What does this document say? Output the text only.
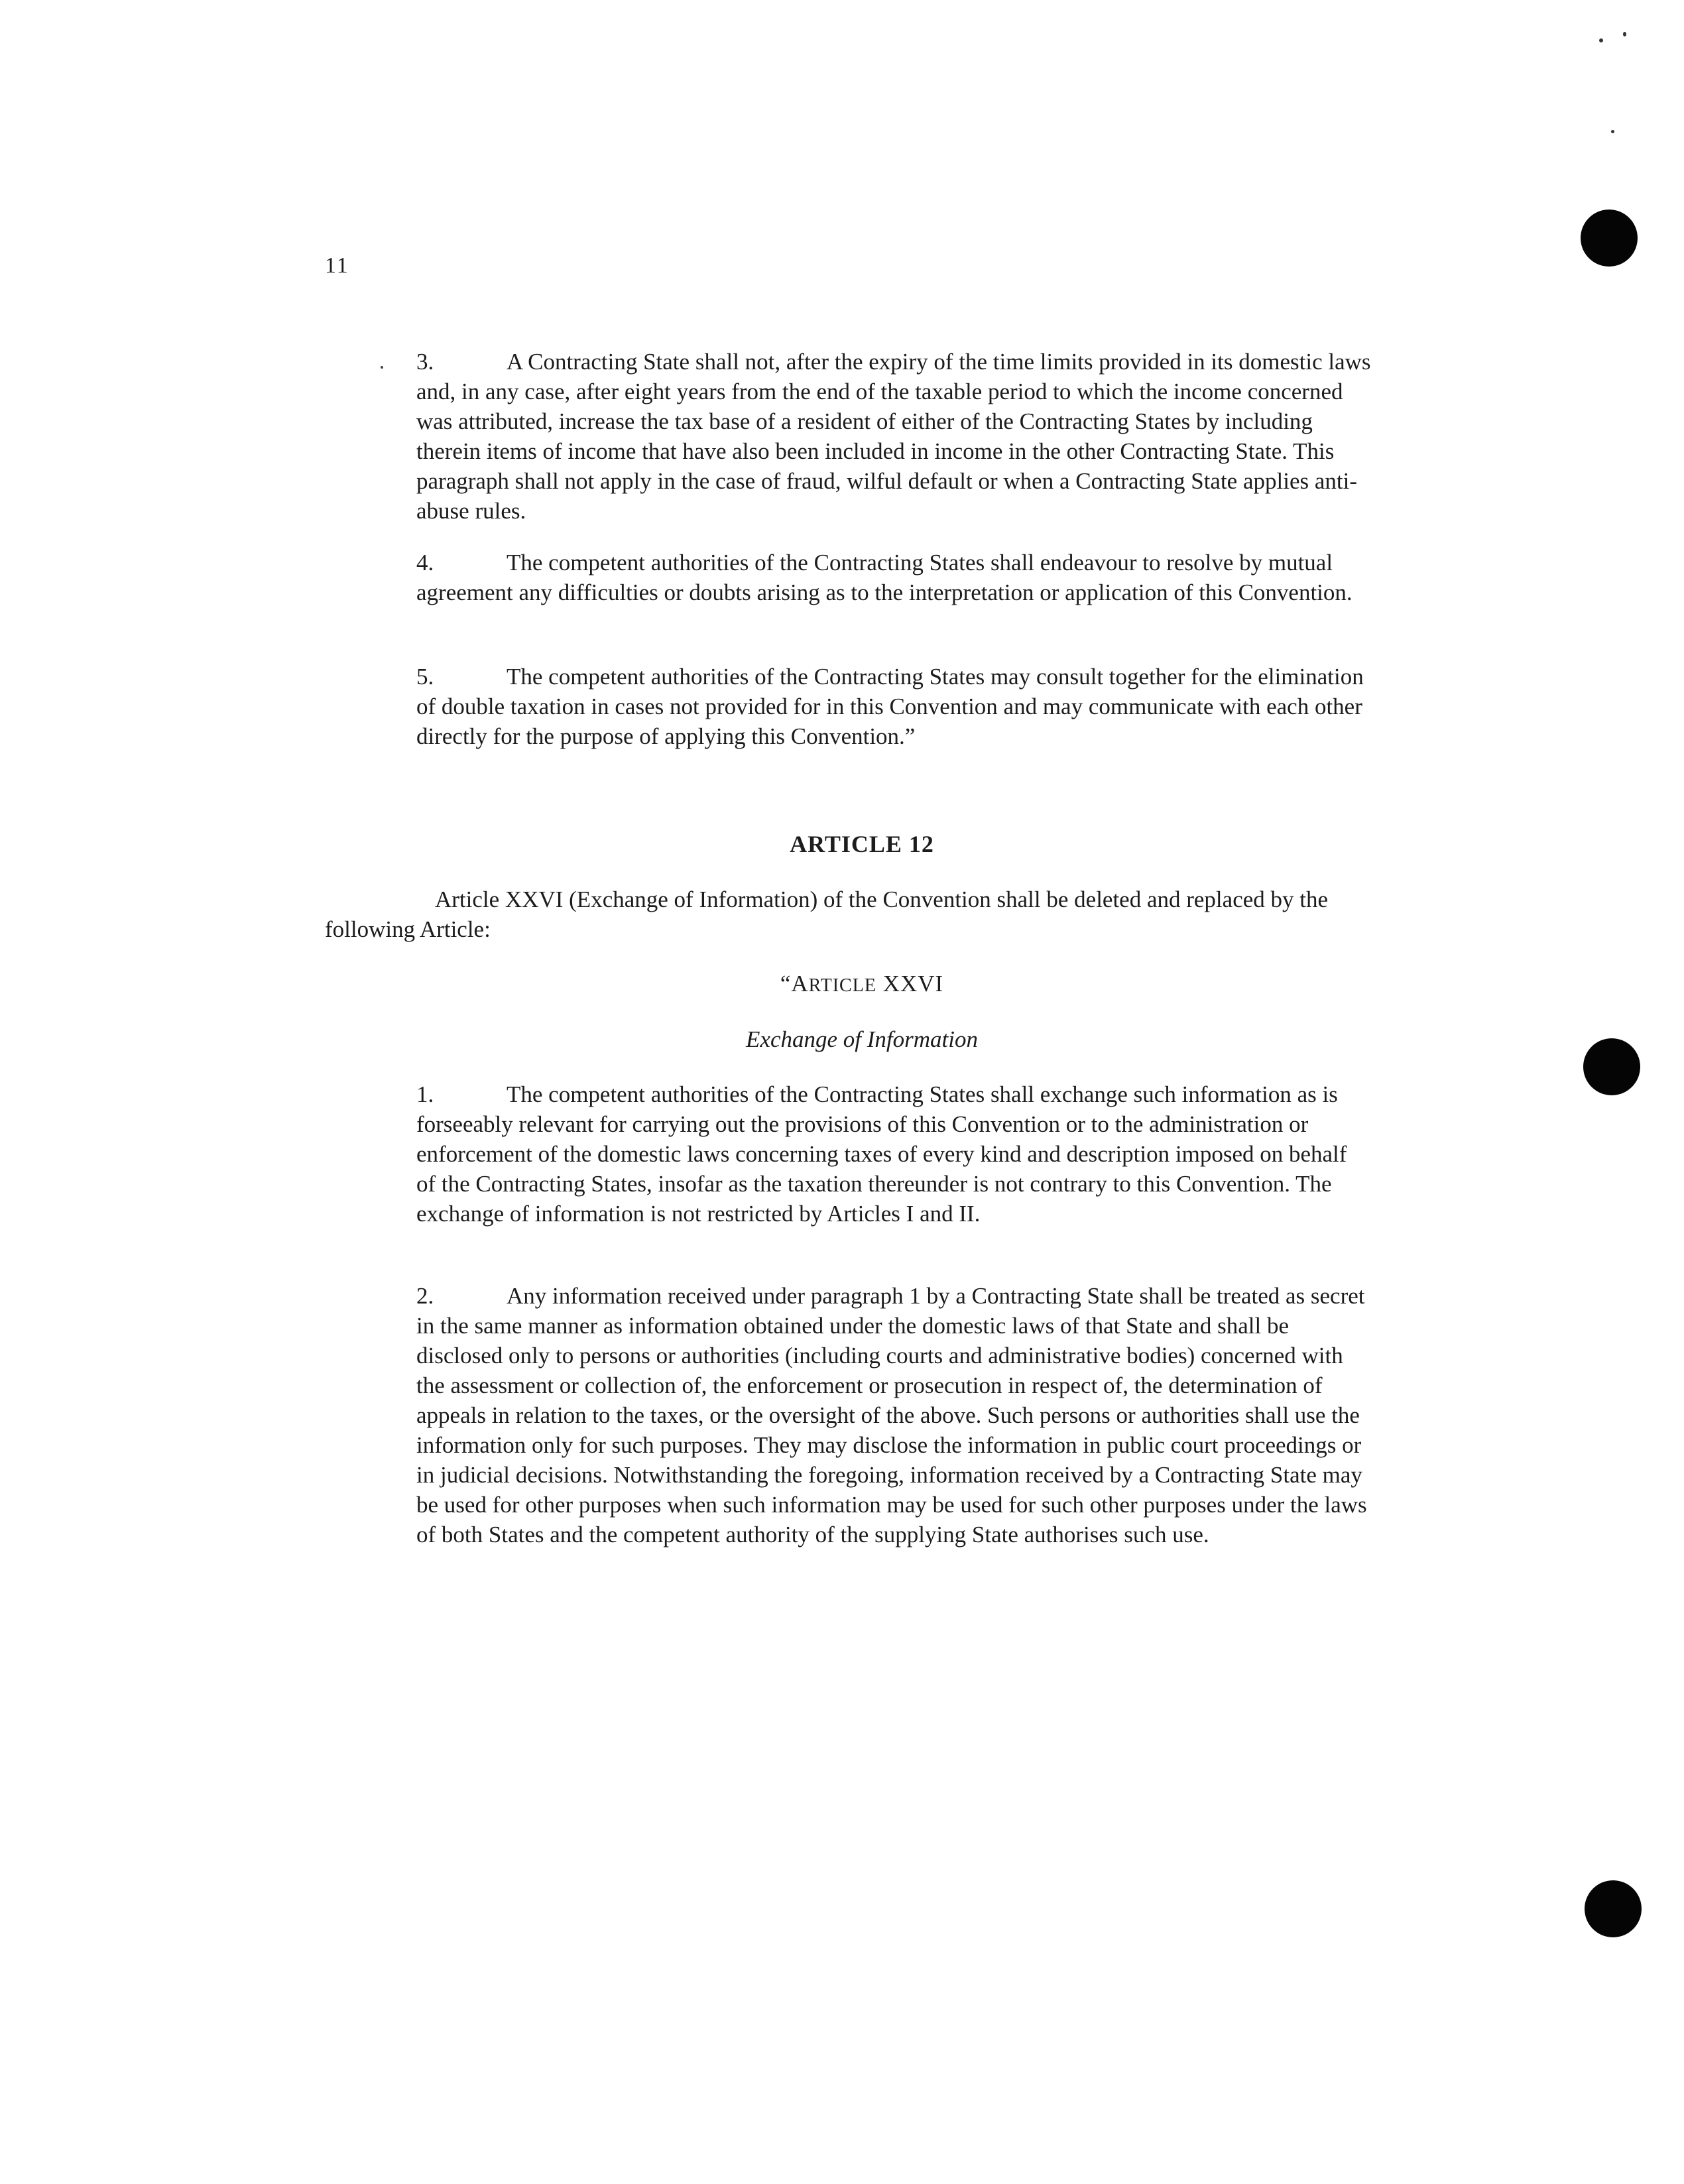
11

3.	A Contracting State shall not, after the expiry of the time limits provided in its domestic laws and, in any case, after eight years from the end of the taxable period to which the income concerned was attributed, increase the tax base of a resident of either of the Contracting States by including therein items of income that have also been included in income in the other Contracting State. This paragraph shall not apply in the case of fraud, wilful default or when a Contracting State applies anti-abuse rules.

4.	The competent authorities of the Contracting States shall endeavour to resolve by mutual agreement any difficulties or doubts arising as to the interpretation or application of this Convention.

5.	The competent authorities of the Contracting States may consult together for the elimination of double taxation in cases not provided for in this Convention and may communicate with each other directly for the purpose of applying this Convention.”

ARTICLE 12

Article XXVI (Exchange of Information) of the Convention shall be deleted and replaced by the following Article:

“ARTICLE XXVI
Exchange of Information

1.	The competent authorities of the Contracting States shall exchange such information as is forseeably relevant for carrying out the provisions of this Convention or to the administration or enforcement of the domestic laws concerning taxes of every kind and description imposed on behalf of the Contracting States, insofar as the taxation thereunder is not contrary to this Convention. The exchange of information is not restricted by Articles I and II.

2.	Any information received under paragraph 1 by a Contracting State shall be treated as secret in the same manner as information obtained under the domestic laws of that State and shall be disclosed only to persons or authorities (including courts and administrative bodies) concerned with the assessment or collection of, the enforcement or prosecution in respect of, the determination of appeals in relation to the taxes, or the oversight of the above. Such persons or authorities shall use the information only for such purposes. They may disclose the information in public court proceedings or in judicial decisions. Notwithstanding the foregoing, information received by a Contracting State may be used for other purposes when such information may be used for such other purposes under the laws of both States and the competent authority of the supplying State authorises such use.
